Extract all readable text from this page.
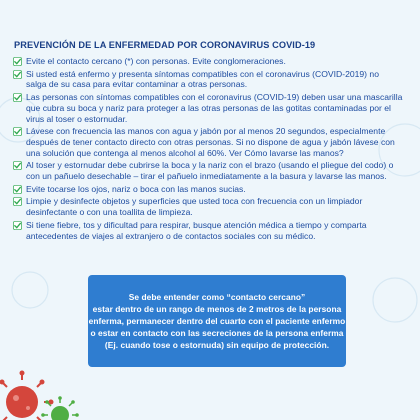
PREVENCIÓN DE LA ENFERMEDAD POR CORONAVIRUS COVID-19
Evite el contacto cercano (*) con personas. Evite conglomeraciones.
Si usted está enfermo y presenta síntomas compatibles con el coronavirus (COVID-2019) no
salga de su casa para evitar contaminar a otras personas.
Las personas con síntomas compatibles con el coronavirus (COVID-19) deben usar una mascarilla
que cubra su boca y nariz para proteger a las otras personas de las gotitas contaminadas por el
virus al toser o estornudar.
Lávese con frecuencia las manos con agua y jabón por al menos 20 segundos, especialmente
después de tener contacto directo con otras personas. Si no dispone de agua y jabón lávese con
una solución que contenga al menos alcohol al 60%. Ver Cómo lavarse las manos?
Al toser y estornudar debe cubrirse la boca y la nariz con el brazo (usando el pliegue del codo) o
con un pañuelo desechable – tirar el pañuelo inmediatamente a la basura y lavarse las manos.
Evite tocarse los ojos, nariz o boca con las manos sucias.
Limpie y desinfecte objetos y superficies que usted toca con frecuencia con un limpiador
desinfectante o con una toallita de limpieza.
Si tiene fiebre, tos y dificultad para respirar, busque atención médica a tiempo y comparta
antecedentes de viajes al extranjero o de contactos sociales con su médico.
Se debe entender como “contacto cercano”
estar dentro de un rango de menos de 2 metros de la persona
enferma, permanecer dentro del cuarto con el paciente enfermo
o estar en contacto con las secreciones de la persona enferma
(Ej. cuando tose o estornuda) sin equipo de protección.
